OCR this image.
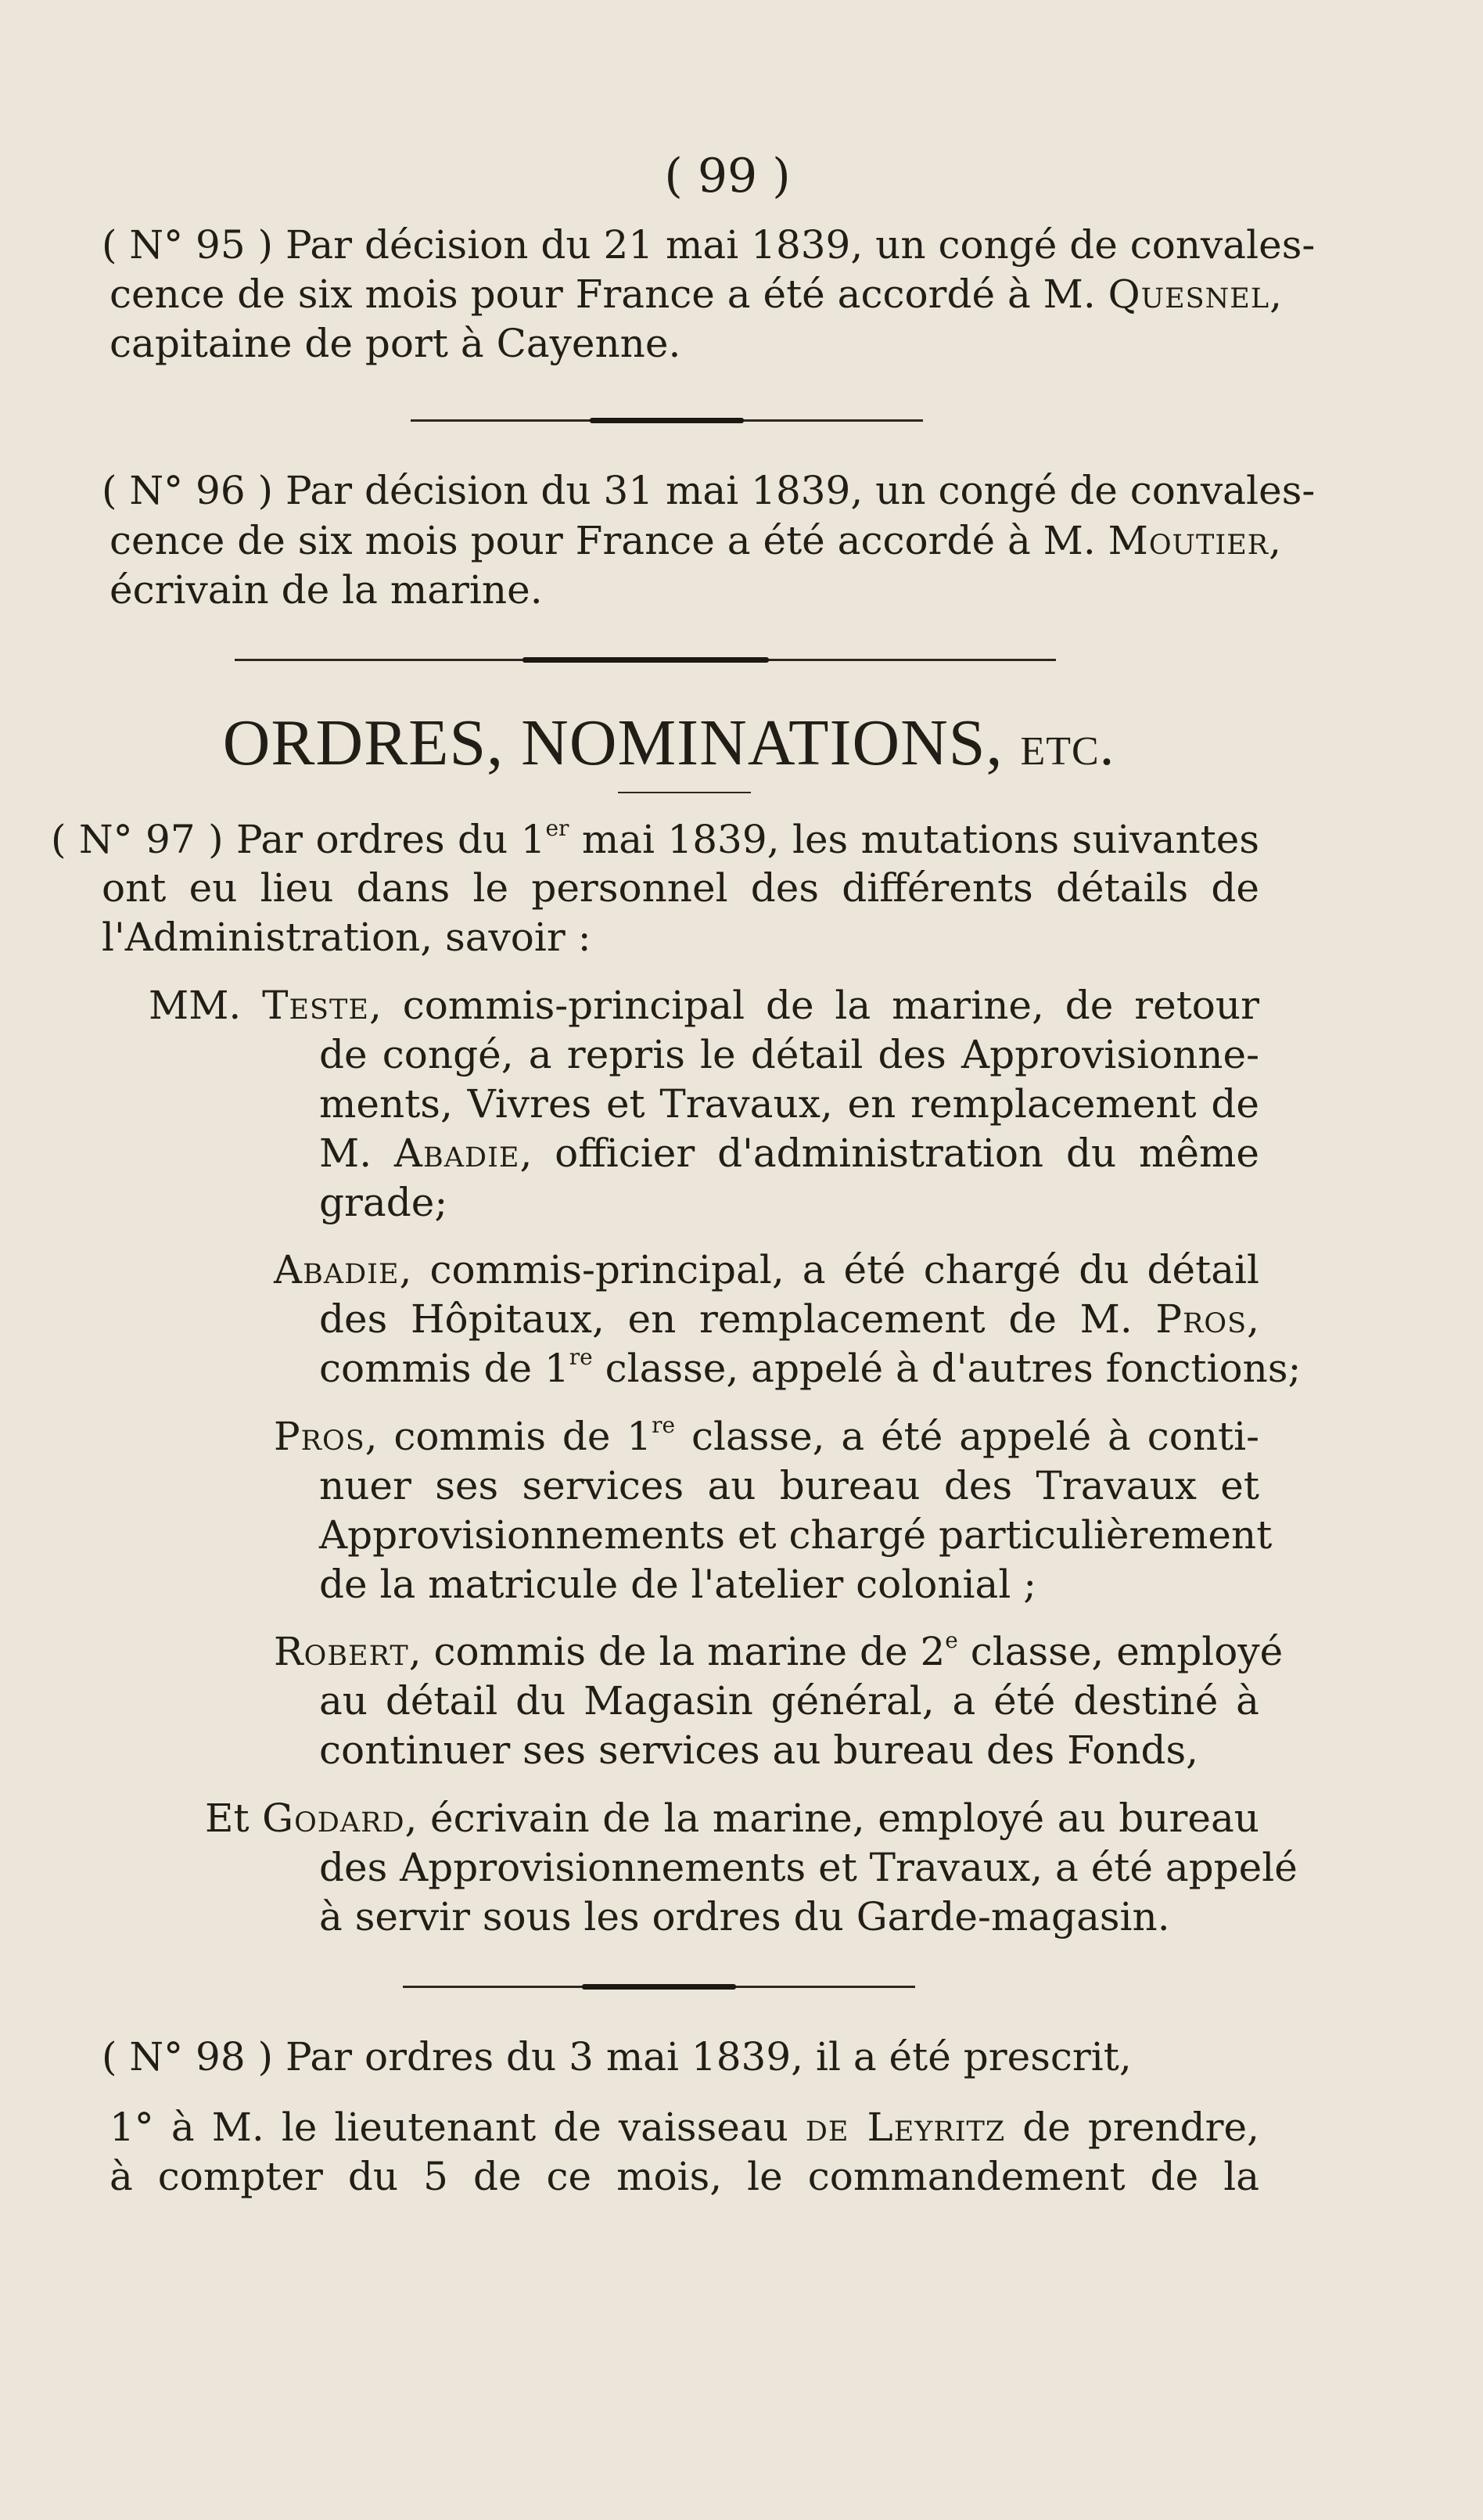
( 99 )
( N° 95 ) Par décision du 21 mai 1839, un congé de convales-
cence de six mois pour France a été accordé à M. Quesnel,
capitaine de port à Cayenne.
( N° 96 ) Par décision du 31 mai 1839, un congé de convales-
cence de six mois pour France a été accordé à M. Moutier,
écrivain de la marine.
ORDRES, NOMINATIONS, etc.
( N° 97 ) Par ordres du 1er mai 1839, les mutations suivantes
ont eu lieu dans le personnel des différents détails de
l'Administration, savoir :
MM. Teste, commis-principal de la marine, de retour
de congé, a repris le détail des Approvisionne-
ments, Vivres et Travaux, en remplacement de
M. Abadie, officier d'administration du même
grade;
Abadie, commis-principal, a été chargé du détail
des Hôpitaux, en remplacement de M. Pros,
commis de 1re classe, appelé à d'autres fonctions;
Pros, commis de 1re classe, a été appelé à conti-
nuer ses services au bureau des Travaux et
Approvisionnements et chargé particulièrement
de la matricule de l'atelier colonial ;
Robert, commis de la marine de 2e classe, employé
au détail du Magasin général, a été destiné à
continuer ses services au bureau des Fonds,
Et Godard, écrivain de la marine, employé au bureau
des Approvisionnements et Travaux, a été appelé
à servir sous les ordres du Garde-magasin.
( N° 98 ) Par ordres du 3 mai 1839, il a été prescrit,
1° à M. le lieutenant de vaisseau de Leyritz de prendre,
à compter du 5 de ce mois, le commandement de la
